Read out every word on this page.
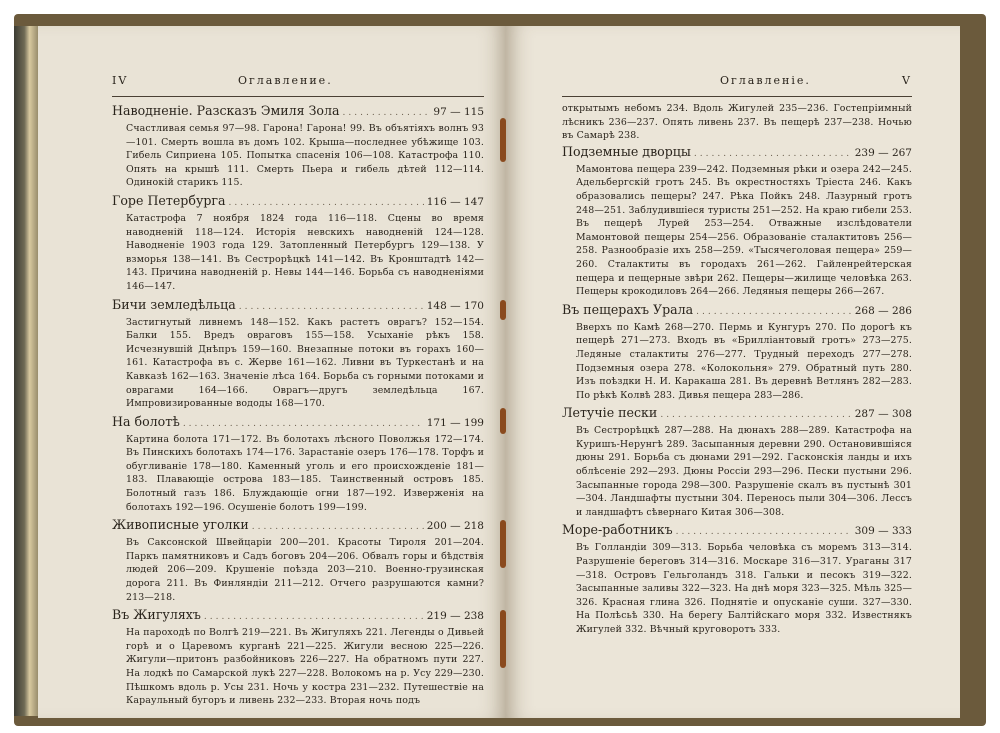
IV	Оглавление.
Наводненіе. Разсказъ Эмиля Зола .....	97 — 115
Счастливая семья 97—98. Гарона! Гарона! 99. Въ объятіяхъ волнъ 93—101. Смерть вошла въ домъ 102. Крыша—последнее убѣжище 103. Гибель Сиприена 105. Попытка спасенія 106—108. Катастрофа 110. Опять на крышѣ 111. Смерть Пьера и гибель дѣтей 112—114. Одинокій старикъ 115.
Горе Петербурга .....	116 — 147
Катастрофа 7 ноября 1824 года 116—118. Сцены во время наводненій 118—124. Исторія невскихъ наводненій 124—128. Наводненіе 1903 года 129. Затопленный Петербургъ 129—138. У взморья 138—141. Въ Сестрорѣцкѣ 141—142. Въ Кронштадтѣ 142—143. Причина наводненій р. Невы 144—146. Борьба съ наводненіями 146—147.
Бичи земледѣльца .....	148 — 170
Застигнутый ливнемъ 148—152. Какъ растетъ оврагъ? 152—154. Балки 155. Вредъ овраговъ 155—158. Усыханіе рѣкъ 158. Исчезнувшій Днѣпръ 159—160. Внезапные потоки въ горахъ 160—161. Катастрофа въ с. Жерве 161—162. Ливни въ Туркестанѣ и на Кавказѣ 162—163. Значеніе лѣса 164. Борьба съ горными потоками и оврагами 164—166. Оврагъ—другъ земледѣльца 167. Импровизированные вододы 168—170.
На болотѣ .....	171 — 199
Картина болота 171—172. Въ болотахъ лѣсного Поволжья 172—174. Въ Пинскихъ болотахъ 174—176. Зарастаніе озеръ 176—178. Торфъ и обугливаніе 178—180. Каменный уголь и его происхожденіе 181—183. Плавающіе острова 183—185. Таинственный островъ 185. Болотный газъ 186. Блуждающіе огни 187—192. Изверженія на болотахъ 192—196. Осушеніе болотъ 199—199.
Живописные уголки .....	200 — 218
Въ Саксонской Швейцаріи 200—201. Красоты Тироля 201—204. Паркъ памятниковъ и Садъ боговъ 204—206. Обвалъ горы и бѣдствія людей 206—209. Крушеніе поѣзда 203—210. Военно-грузинская дорога 211. Въ Финляндіи 211—212. Отчего разрушаются камни? 213—218.
Въ Жигуляхъ .....	219 — 238
На пароходѣ по Волгѣ 219—221. Въ Жигуляхъ 221. Легенды о Дивьей горѣ и о Царевомъ курганѣ 221—225. Жигули весною 225—226. Жигули—притонъ разбойниковъ 226—227. На обратномъ пути 227. На лодкѣ по Самарской лукѣ 227—228. Волокомъ на р. Усу 229—230. Пѣшкомъ вдоль р. Усы 231. Ночь у костра 231—232. Путешествіе на Караульный бугоръ и ливень 232—233. Вторая ночь подъ
Оглавленіе.	V
открытымъ небомъ 234. Вдоль Жигулей 235—236. Гостепріимный лѣсникъ 236—237. Опять ливень 237. Въ пещерѣ 237—238. Ночью въ Самарѣ 238.
Подземные дворцы .....	239 — 267
Мамонтова пещера 239—242. Подземныя рѣки и озера 242—245. Адельбергскій гротъ 245. Въ окрестностяхъ Тріеста 246. Какъ образовались пещеры? 247. Рѣка Пойкъ 248. Лазурный гротъ 248—251. Заблудившіеся туристы 251—252. На краю гибели 253. Въ пещерѣ Лурей 253—254. Отважные изслѣдователи Мамонтовой пещеры 254—256. Образованіе сталактитовъ 256—258. Разнообразіе ихъ 258—259. «Тысячеголовая пещера» 259—260. Сталактиты въ городахъ 261—262. Гайленрейтерская пещера и пещерные звѣри 262. Пещеры—жилище человѣка 263. Пещеры крокодиловъ 264—266. Ледяныя пещеры 266—267.
Въ пещерахъ Урала .....	268 — 286
Вверхъ по Камѣ 268—270. Пермь и Кунгуръ 270. По дорогѣ къ пещерѣ 271—273. Входъ въ «Бриллiантовый гротъ» 273—275. Ледяные сталактиты 276—277. Трудный переходъ 277—278. Подземныя озера 278. «Колокольня» 279. Обратный путь 280. Изъ поѣздки Н. И. Каракаша 281. Въ деревнѣ Ветлянъ 282—283. По рѣкѣ Колвѣ 283. Дивья пещера 283—286.
Летучіе пески .....	287 — 308
Въ Сестрорѣцкѣ 287—288. На дюнахъ 288—289. Катастрофа на Куришъ-Нерунгѣ 289. Засыпанныя деревни 290. Остановившіяся дюны 291. Борьба съ дюнами 291—292. Гасконскія ланды и ихъ облѣсеніе 292—293. Дюны Россіи 293—296. Пески пустыни 296. Засыпанные города 298—300. Разрушеніе скалъ въ пустынѣ 301—304. Ландшафты пустыни 304. Перенось пыли 304—306. Лессъ и ландшафтъ сѣвернаго Китая 306—308.
Море-работникъ .....	309 — 333
Въ Голландіи 309—313. Борьба человѣка съ моремъ 313—314. Разрушеніе береговъ 314—316. Москаре 316—317. Ураганы 317—318. Островъ Гельголандъ 318. Гальки и песокъ 319—322. Засыпанные заливы 322—323. На днѣ моря 323—325. Мѣль 325—326. Красная глина 326. Поднятіе и опусканіе суши. 327—330. На Полѣсьѣ 330. На берегу Балтійскаго моря 332. Известнякъ Жигулей 332. Вѣчный круговоротъ 333.
